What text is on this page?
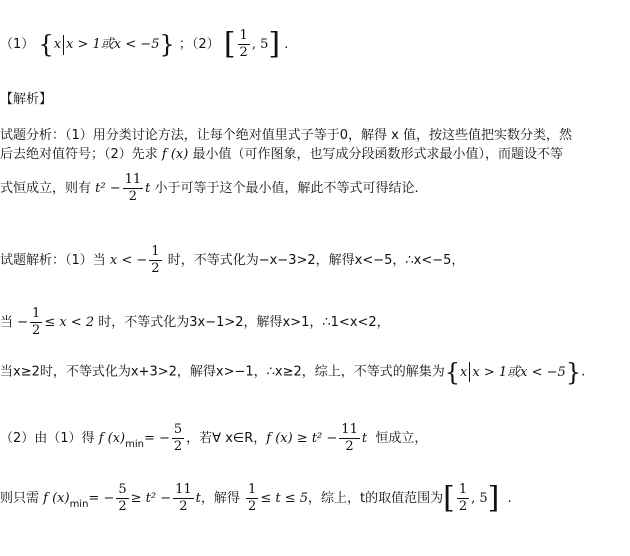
（1） {x x > 1或x < −5} ；（2） [ $\frac{1}{2}$ , 5] .
【解析】
试题分析：（1）用分类讨论方法，让每个绝对值里式子等于0，解得 x 值，按这些值把实数分类，然
后去绝对值符号；（2）先求 f (x) 最小值（可作图象，也写成分段函数形式求最小值），而题设不等
式恒成立，则有 $t^2 - \frac{11}{2}$ t 小于可等于这个最小值，解此不等式可得结论.
试题解析：（1）当 x < − $\frac{1}{2}$ 时，不等式化为−x−3>2，解得x<−5，∴x<−5，
当 − $\frac{1}{2} \le x < 2$ 时，不等式化为3x−1>2，解得x>1，∴1<x<2，
当x≥2时，不等式化为x+3>2，解得x>−1，∴x≥2，综上，不等式的解集为{x x > 1或x < −5}.
（2）由（1）得 f $(x)_{min}= - \frac{5}{2}$ ，若∀ x∈R，f $(x) \ge t^2 - \frac{11}{2}$ t 恒成立，
则只需 f $(x)_{min}= - \frac{5}{2} \ge t^2 - \frac{11}{2}$ t，解得 $\frac{1}{2} \le t \le 5$，综上，t的取值范围为[ $\frac{1}{2}$ , 5] .
